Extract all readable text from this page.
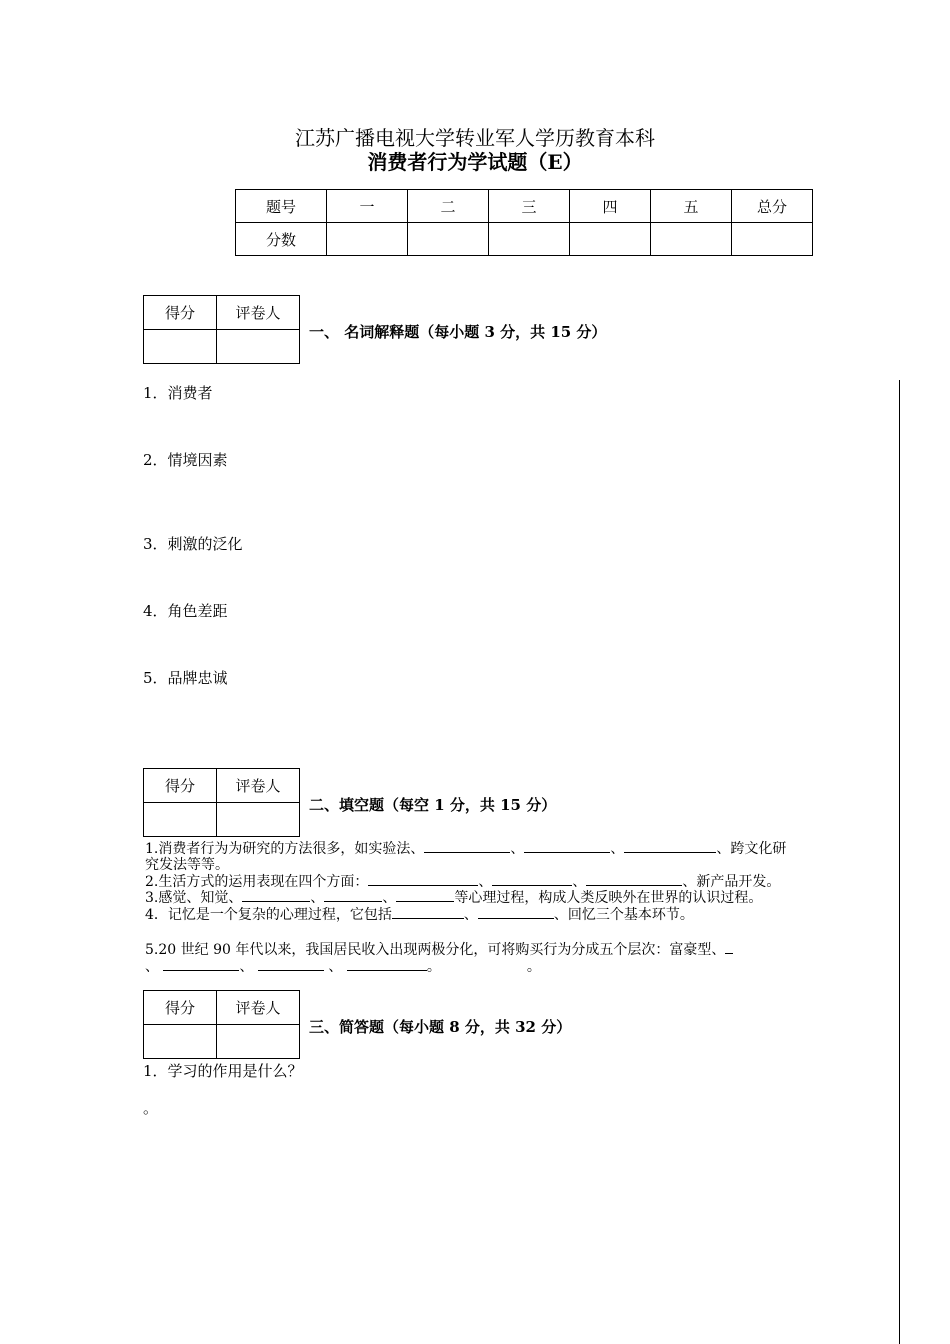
江苏广播电视大学转业军人学历教育本科
消费者行为学试题（E）
题号	一	二	三	四	五	总分
分数						
得分	评卷人

一、 名词解释题（每小题 3 分，共 15 分）
1．消费者
2．情境因素
3．刺激的泛化
4．角色差距
5．品牌忠诚
得分	评卷人

二、填空题（每空 1 分，共 15 分）
1.消费者行为为研究的方法很多，如实验法、	、	、	、跨文化研
究发法等等。
2.生活方式的运用表现在四个方面：	、	、	、新产品开发。
3.感觉、知觉、	、	、	等心理过程，构成人类反映外在世界的认识过程。
4．记忆是一个复杂的心理过程，它包括	、	、回忆三个基本环节。
5.20 世纪 90 年代以来，我国居民收入出现两极分化，可将购买行为分成五个层次：富豪型、
、	、	、	。	。
得分	评卷人

三、简答题（每小题 8 分，共 32 分）
1．学习的作用是什么？
。
